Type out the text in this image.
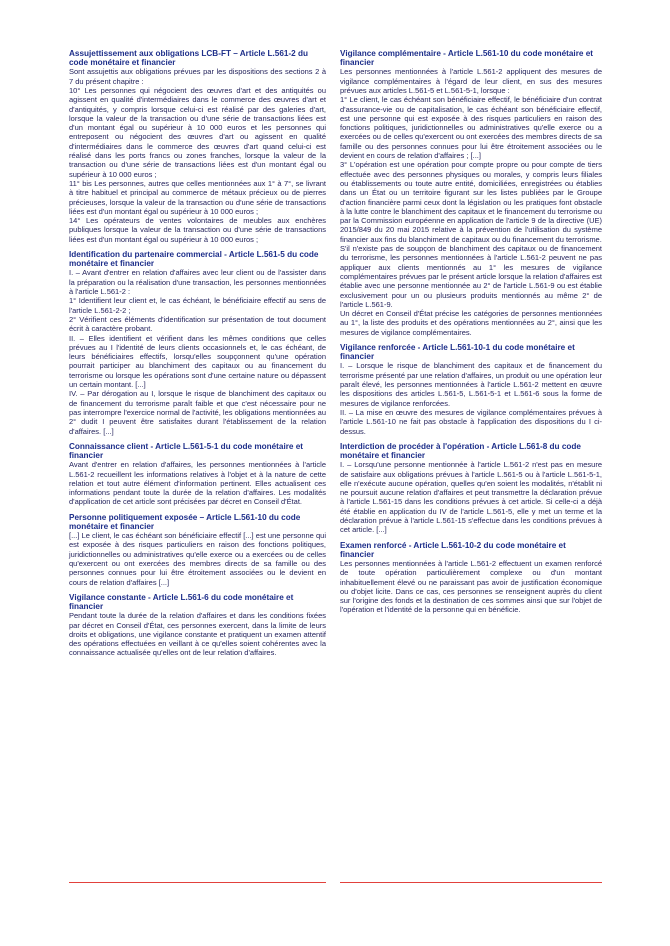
Assujettissement aux obligations LCB-FT – Article L.561-2 du code monétaire et financier

Sont assujettis aux obligations prévues par les dispositions des sections 2 à 7 du présent chapitre :

10° Les personnes qui négocient des œuvres d'art et des antiquités ou agissent en qualité d'intermédiaires dans le commerce des œuvres d'art et d'antiquités, y compris lorsque celui-ci est réalisé par des galeries d'art, lorsque la valeur de la transaction ou d'une série de transactions liées est d'un montant égal ou supérieur à 10 000 euros et les personnes qui entreposent ou négocient des œuvres d'art ou agissent en qualité d'intermédiaires dans le commerce des œuvres d'art quand celui-ci est réalisé dans les ports francs ou zones franches, lorsque la valeur de la transaction ou d'une série de transactions liées est d'un montant égal ou supérieur à 10 000 euros ;

11° bis Les personnes, autres que celles mentionnées aux 1° à 7°, se livrant à titre habituel et principal au commerce de métaux précieux ou de pierres précieuses, lorsque la valeur de la transaction ou d'une série de transactions liées est d'un montant égal ou supérieur à 10 000 euros ;

14° Les opérateurs de ventes volontaires de meubles aux enchères publiques lorsque la valeur de la transaction ou d'une série de transactions liées est d'un montant égal ou supérieur à 10 000 euros ;

Identification du partenaire commercial - Article L.561-5 du code monétaire et financier

I. – Avant d'entrer en relation d'affaires avec leur client ou de l'assister dans la préparation ou la réalisation d'une transaction, les personnes mentionnées à l'article L.561-2 :

1° Identifient leur client et, le cas échéant, le bénéficiaire effectif au sens de l'article L.561-2-2 ;

2° Vérifient ces éléments d'identification sur présentation de tout document écrit à caractère probant.

II. – Elles identifient et vérifient dans les mêmes conditions que celles prévues au I l'identité de leurs clients occasionnels et, le cas échéant, de leurs bénéficiaires effectifs, lorsqu'elles soupçonnent qu'une opération pourrait participer au blanchiment des capitaux ou au financement du terrorisme ou lorsque les opérations sont d'une certaine nature ou dépassent un certain montant. [...]

IV. – Par dérogation au I, lorsque le risque de blanchiment des capitaux ou de financement du terrorisme paraît faible et que c'est nécessaire pour ne pas interrompre l'exercice normal de l'activité, les obligations mentionnées au 2° dudit I peuvent être satisfaites durant l'établissement de la relation d'affaires. [...]

Connaissance client - Article L.561-5-1 du code monétaire et financier

Avant d'entrer en relation d'affaires, les personnes mentionnées à l'article L.561-2 recueillent les informations relatives à l'objet et à la nature de cette relation et tout autre élément d'information pertinent. Elles actualisent ces informations pendant toute la durée de la relation d'affaires. Les modalités d'application de cet article sont précisées par décret en Conseil d'État.

Personne politiquement exposée – Article L.561-10 du code monétaire et financier

[...] Le client, le cas échéant son bénéficiaire effectif [...] est une personne qui est exposée à des risques particuliers en raison des fonctions politiques, juridictionnelles ou administratives qu'elle exerce ou a exercées ou de celles qu'exercent ou ont exercées des membres directs de sa famille ou des personnes connues pour lui être étroitement associées ou le devient en cours de relation d'affaires [...]

Vigilance constante - Article L.561-6 du code monétaire et financier

Pendant toute la durée de la relation d'affaires et dans les conditions fixées par décret en Conseil d'État, ces personnes exercent, dans la limite de leurs droits et obligations, une vigilance constante et pratiquent un examen attentif des opérations effectuées en veillant à ce qu'elles soient cohérentes avec la connaissance actualisée qu'elles ont de leur relation d'affaires.

Vigilance complémentaire - Article L.561-10 du code monétaire et financier

Les personnes mentionnées à l'article L.561-2 appliquent des mesures de vigilance complémentaires à l'égard de leur client, en sus des mesures prévues aux articles L.561-5 et L.561-5-1, lorsque :

1° Le client, le cas échéant son bénéficiaire effectif, le bénéficiaire d'un contrat d'assurance-vie ou de capitalisation, le cas échéant son bénéficiaire effectif, est une personne qui est exposée à des risques particuliers en raison des fonctions politiques, juridictionnelles ou administratives qu'elle exerce ou a exercées ou de celles qu'exercent ou ont exercées des membres directs de sa famille ou des personnes connues pour lui être étroitement associées ou le devient en cours de relation d'affaires ; [...]

3° L'opération est une opération pour compte propre ou pour compte de tiers effectuée avec des personnes physiques ou morales, y compris leurs filiales ou établissements ou toute autre entité, domiciliées, enregistrées ou établies dans un État ou un territoire figurant sur les listes publiées par le Groupe d'action financière parmi ceux dont la législation ou les pratiques font obstacle à la lutte contre le blanchiment des capitaux et le financement du terrorisme ou par la Commission européenne en application de l'article 9 de la directive (UE) 2015/849 du 20 mai 2015 relative à la prévention de l'utilisation du système financier aux fins du blanchiment de capitaux ou du financement du terrorisme.

S'il n'existe pas de soupçon de blanchiment des capitaux ou de financement du terrorisme, les personnes mentionnées à l'article L.561-2 peuvent ne pas appliquer aux clients mentionnés au 1° les mesures de vigilance complémentaires prévues par le présent article lorsque la relation d'affaires est établie avec une personne mentionnée au 2° de l'article L.561-9 ou est établie exclusivement pour un ou plusieurs produits mentionnés au même 2° de l'article L.561-9.

Un décret en Conseil d'État précise les catégories de personnes mentionnées au 1°, la liste des produits et des opérations mentionnées au 2°, ainsi que les mesures de vigilance complémentaires.

Vigilance renforcée - Article L.561-10-1 du code monétaire et financier

I. – Lorsque le risque de blanchiment des capitaux et de financement du terrorisme présenté par une relation d'affaires, un produit ou une opération leur paraît élevé, les personnes mentionnées à l'article L.561-2 mettent en œuvre les dispositions des articles L.561-5, L.561-5-1 et L.561-6 sous la forme de mesures de vigilance renforcées.

II. – La mise en œuvre des mesures de vigilance complémentaires prévues à l'article L.561-10 ne fait pas obstacle à l'application des dispositions du I ci-dessus.

Interdiction de procéder à l'opération - Article L.561-8 du code monétaire et financier

I. – Lorsqu'une personne mentionnée à l'article L.561-2 n'est pas en mesure de satisfaire aux obligations prévues à l'article L.561-5 ou à l'article L.561-5-1, elle n'exécute aucune opération, quelles qu'en soient les modalités, n'établit ni ne poursuit aucune relation d'affaires et peut transmettre la déclaration prévue à l'article L.561-15 dans les conditions prévues à cet article. Si celle-ci a déjà été établie en application du IV de l'article L.561-5, elle y met un terme et la déclaration prévue à l'article L.561-15 s'effectue dans les conditions prévues à cet article. [...]

Examen renforcé - Article L.561-10-2 du code monétaire et financier

Les personnes mentionnées à l'article L.561-2 effectuent un examen renforcé de toute opération particulièrement complexe ou d'un montant inhabituellement élevé ou ne paraissant pas avoir de justification économique ou d'objet licite. Dans ce cas, ces personnes se renseignent auprès du client sur l'origine des fonds et la destination de ces sommes ainsi que sur l'objet de l'opération et l'identité de la personne qui en bénéficie.
